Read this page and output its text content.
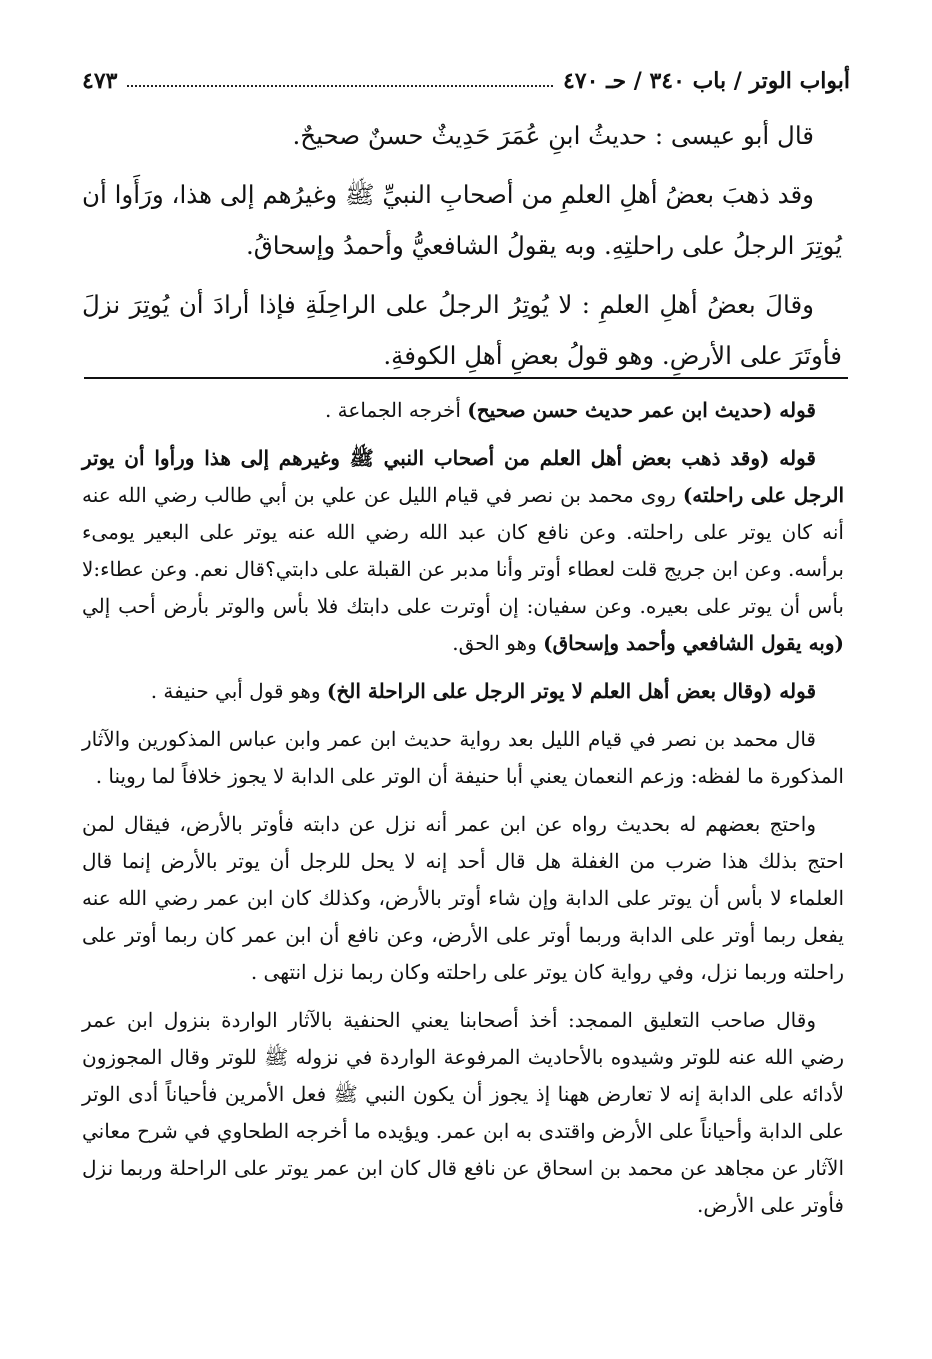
أبواب الوتر / باب ٣٤٠ / حـ ٤٧٠
٤٧٣

قال أبو عيسى : حديثُ ابنِ عُمَرَ حَدِيثٌ حسنٌ صحيحٌ.

وقد ذهبَ بعضُ أهلِ العلمِ من أصحابِ النبيِّ ﷺ وغيرُهم إلى هذا، ورَأَوا أن يُوتِرَ الرجلُ على راحلتِهِ. وبه يقولُ الشافعيُّ وأحمدُ وإسحاقُ.

وقالَ بعضُ أهلِ العلمِ : لا يُوتِرُ الرجلُ على الراحِلَةِ فإذا أرادَ أن يُوتِرَ نزلَ فأوتَرَ على الأرضِ. وهو قولُ بعضِ أهلِ الكوفةِ.

قوله (حديث ابن عمر حديث حسن صحيح) أخرجه الجماعة .

قوله (وقد ذهب بعض أهل العلم من أصحاب النبي ﷺ وغيرهم إلى هذا ورأوا أن يوتر الرجل على راحلته) روى محمد بن نصر في قيام الليل عن علي بن أبي طالب رضي الله عنه أنه كان يوتر على راحلته. وعن نافع كان عبد الله رضي الله عنه يوتر على البعير يومىء برأسه. وعن ابن جريج قلت لعطاء أوتر وأنا مدبر عن القبلة على دابتي؟قال نعم. وعن عطاء:لا بأس أن يوتر على بعيره. وعن سفيان: إن أوترت على دابتك فلا بأس والوتر بأرض أحب إلي (وبه يقول الشافعي وأحمد وإسحاق) وهو الحق.

قوله (وقال بعض أهل العلم لا يوتر الرجل على الراحلة الخ) وهو قول أبي حنيفة .

قال محمد بن نصر في قيام الليل بعد رواية حديث ابن عمر وابن عباس المذكورين والآثار المذكورة ما لفظه: وزعم النعمان يعني أبا حنيفة أن الوتر على الدابة لا يجوز خلافاً لما روينا .

واحتج بعضهم له بحديث رواه عن ابن عمر أنه نزل عن دابته فأوتر بالأرض، فيقال لمن احتج بذلك هذا ضرب من الغفلة هل قال أحد إنه لا يحل للرجل أن يوتر بالأرض إنما قال العلماء لا بأس أن يوتر على الدابة وإن شاء أوتر بالأرض، وكذلك كان ابن عمر رضي الله عنه يفعل ربما أوتر على الدابة وربما أوتر على الأرض، وعن نافع أن ابن عمر كان ربما أوتر على راحلته وربما نزل، وفي رواية كان يوتر على راحلته وكان ربما نزل انتهى .

وقال صاحب التعليق الممجد: أخذ أصحابنا يعني الحنفية بالآثار الواردة بنزول ابن عمر رضي الله عنه للوتر وشيدوه بالأحاديث المرفوعة الواردة في نزوله ﷺ للوتر وقال المجوزون لأدائه على الدابة إنه لا تعارض ههنا إذ يجوز أن يكون النبي ﷺ فعل الأمرين فأحياناً أدى الوتر على الدابة وأحياناً على الأرض واقتدى به ابن عمر. ويؤيده ما أخرجه الطحاوي في شرح معاني الآثار عن مجاهد عن محمد بن اسحاق عن نافع قال كان ابن عمر يوتر على الراحلة وربما نزل فأوتر على الأرض.
